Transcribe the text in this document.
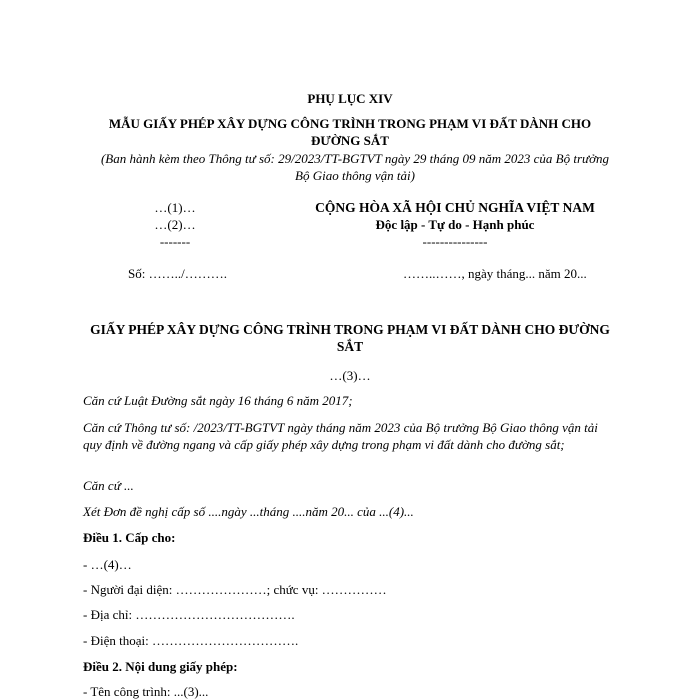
PHỤ LỤC XIV
MẪU GIẤY PHÉP XÂY DỰNG CÔNG TRÌNH TRONG PHẠM VI ĐẤT DÀNH CHO ĐƯỜNG SẮT
(Ban hành kèm theo Thông tư số: 29/2023/TT-BGTVT ngày 29 tháng 09 năm 2023 của Bộ trưởng Bộ Giao thông vận tải)
…(1)…
…(2)…
-------
CỘNG HÒA XÃ HỘI CHỦ NGHĨA VIỆT NAM
Độc lập - Tự do - Hạnh phúc
---------------
Số: ……../……….	……..……, ngày tháng... năm 20...
GIẤY PHÉP XÂY DỰNG CÔNG TRÌNH TRONG PHẠM VI ĐẤT DÀNH CHO ĐƯỜNG SẮT
…(3)…
Căn cứ Luật Đường sắt ngày 16 tháng 6 năm 2017;
Căn cứ Thông tư số: /2023/TT-BGTVT ngày tháng năm 2023 của Bộ trưởng Bộ Giao thông vận tải quy định về đường ngang và cấp giấy phép xây dựng trong phạm vi đất dành cho đường sắt;
Căn cứ ...
Xét Đơn đề nghị cấp số ....ngày ...tháng ....năm 20... của ...(4)...
Điều 1. Cấp cho:
- …(4)…
- Người đại diện: …………………; chức vụ: ……………
- Địa chỉ: ……………………………….
- Điện thoại: …………………………….
Điều 2. Nội dung giấy phép:
- Tên công trình: ...(3)...
